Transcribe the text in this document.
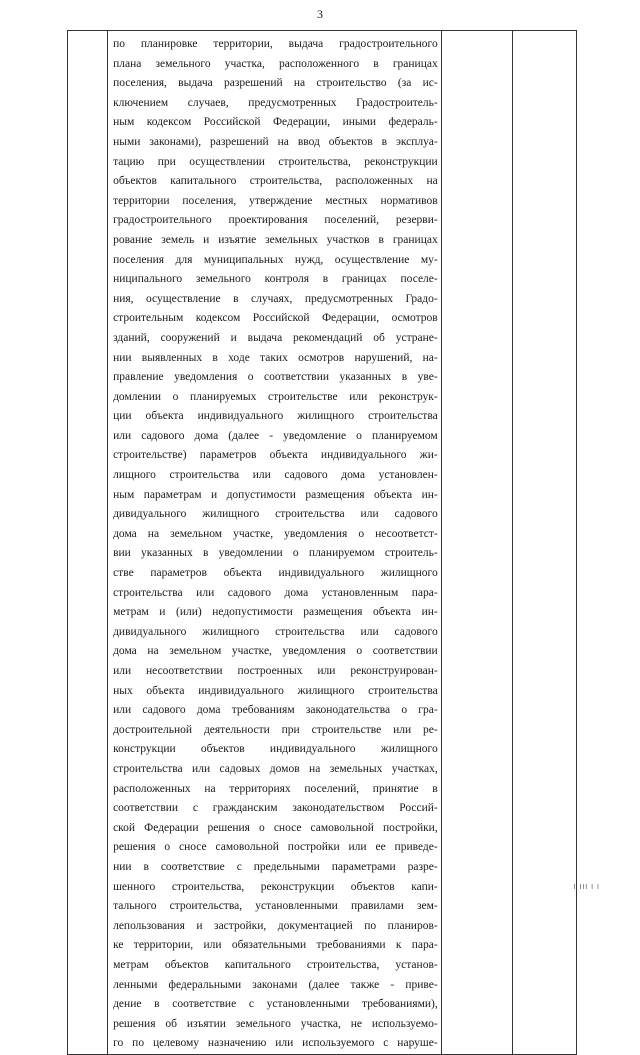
3

по планировке территории, выдача градостроительного
плана земельного участка, расположенного в границах
поселения, выдача разрешений на строительство (за ис-
ключением случаев, предусмотренных Градостроитель-
ным кодексом Российской Федерации, иными федераль-
ными законами), разрешений на ввод объектов в эксплуа-
тацию при осуществлении строительства, реконструкции
объектов капитального строительства, расположенных на
территории поселения, утверждение местных нормативов
градостроительного проектирования поселений, резерви-
рование земель и изъятие земельных участков в границах
поселения для муниципальных нужд, осуществление му-
ниципального земельного контроля в границах поселе-
ния, осуществление в случаях, предусмотренных Градо-
строительным кодексом Российской Федерации, осмотров
зданий, сооружений и выдача рекомендаций об устране-
нии выявленных в ходе таких осмотров нарушений, на-
правление уведомления о соответствии указанных в уве-
домлении о планируемых строительстве или реконструк-
ции объекта индивидуального жилищного строительства
или садового дома (далее - уведомление о планируемом
строительстве) параметров объекта индивидуального жи-
лищного строительства или садового дома установлен-
ным параметрам и допустимости размещения объекта ин-
дивидуального жилищного строительства или садового
дома на земельном участке, уведомления о несоответст-
вии указанных в уведомлении о планируемом строитель-
стве параметров объекта индивидуального жилищного
строительства или садового дома установленным пара-
метрам и (или) недопустимости размещения объекта ин-
дивидуального жилищного строительства или садового
дома на земельном участке, уведомления о соответствии
или несоответствии построенных или реконструирован-
ных объекта индивидуального жилищного строительства
или садового дома требованиям законодательства о гра-
достроительной деятельности при строительстве или ре-
конструкции объектов индивидуального жилищного
строительства или садовых домов на земельных участках,
расположенных на территориях поселений, принятие в
соответствии с гражданским законодательством Россий-
ской Федерации решения о сносе самовольной постройки,
решения о сносе самовольной постройки или ее приведе-
нии в соответствие с предельными параметрами разре-
шенного строительства, реконструкции объектов капи-
тального строительства, установленными правилами зем-
лепользования и застройки, документацией по планиров-
ке территории, или обязательными требованиями к пара-
метрам объектов капитального строительства, установ-
ленными федеральными законами (далее также - приве-
дение в соответствие с установленными требованиями),
решения об изъятии земельного участка, не используемо-
го по целевому назначению или используемого с наруше-

I III I I
